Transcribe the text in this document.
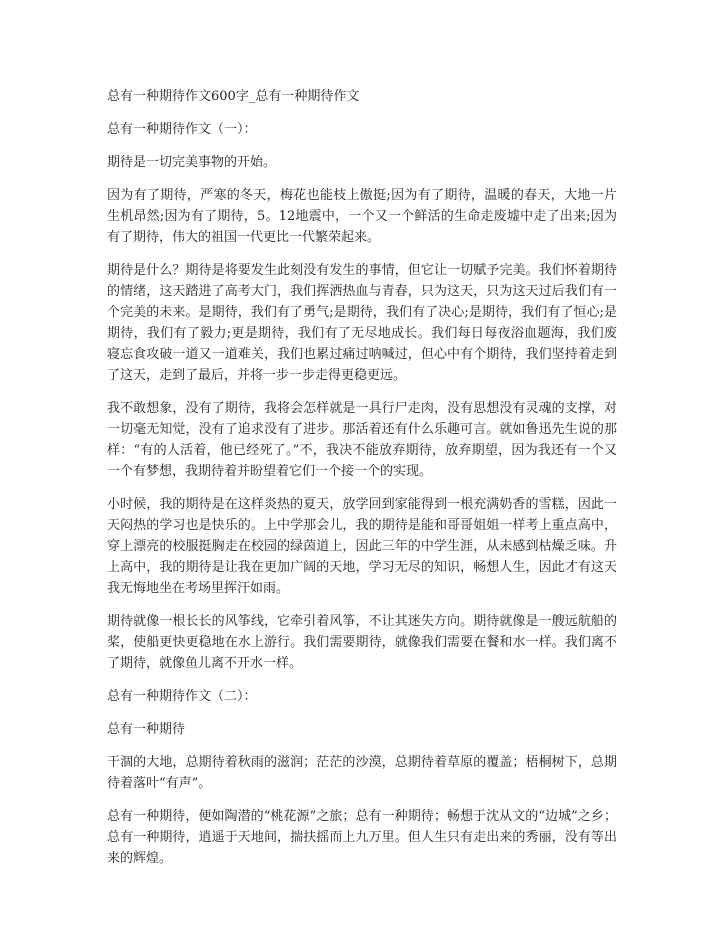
总有一种期待作文600字_总有一种期待作文

总有一种期待作文（一）：

期待是一切完美事物的开始。

因为有了期待，严寒的冬天，梅花也能枝上傲挺;因为有了期待，温暖的春天，大地一片生机昂然;因为有了期待，5。12地震中，一个又一个鲜活的生命走废墟中走了出来;因为有了期待，伟大的祖国一代更比一代繁荣起来。

期待是什么？期待是将要发生此刻没有发生的事情，但它让一切赋予完美。我们怀着期待的情绪，这天踏进了高考大门，我们挥洒热血与青春，只为这天，只为这天过后我们有一个完美的未来。是期待，我们有了勇气;是期待，我们有了决心;是期待，我们有了恒心;是期待，我们有了毅力;更是期待，我们有了无尽地成长。我们每日每夜浴血题海，我们废寝忘食攻破一道又一道难关，我们也累过痛过呐喊过，但心中有个期待，我们坚持着走到了这天，走到了最后，并将一步一步走得更稳更远。

我不敢想象，没有了期待，我将会怎样就是一具行尸走肉，没有思想没有灵魂的支撑，对一切毫无知觉，没有了追求没有了进步。那活着还有什么乐趣可言。就如鲁迅先生说的那样：“有的人活着，他已经死了。”不，我决不能放弃期待，放弃期望，因为我还有一个又一个有梦想，我期待着并盼望着它们一个接一个的实现。

小时候，我的期待是在这样炎热的夏天，放学回到家能得到一根充满奶香的雪糕，因此一天闷热的学习也是快乐的。上中学那会儿，我的期待是能和哥哥姐姐一样考上重点高中，穿上漂亮的校服挺胸走在校园的绿茵道上，因此三年的中学生涯，从未感到枯燥乏味。升上高中，我的期待是让我在更加广阔的天地，学习无尽的知识，畅想人生，因此才有这天我无悔地坐在考场里挥汗如雨。

期待就像一根长长的风筝线，它牵引着风筝，不让其迷失方向。期待就像是一艘远航船的桨，使船更快更稳地在水上游行。我们需要期待，就像我们需要在餐和水一样。我们离不了期待，就像鱼儿离不开水一样。

总有一种期待作文（二）：

总有一种期待

干涸的大地，总期待着秋雨的滋润；茫茫的沙漠，总期待着草原的覆盖；梧桐树下，总期待着落叶“有声”。

总有一种期待，便如陶潜的“桃花源”之旅；总有一种期待；畅想于沈从文的“边城”之乡；总有一种期待，逍遥于天地间，揣扶摇而上九万里。但人生只有走出来的秀丽，没有等出来的辉煌。
